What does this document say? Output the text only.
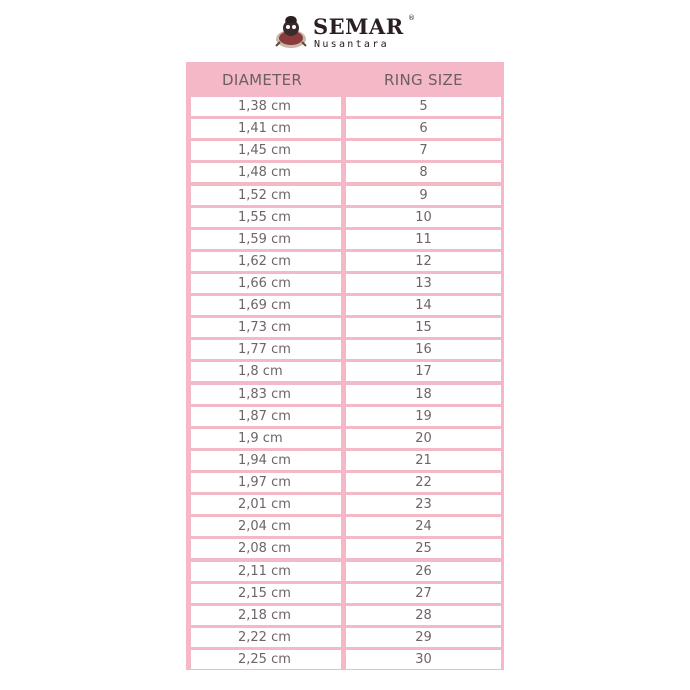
SEMAR ®
Nusantara
DIAMETER	RING SIZE
1,38 cm	5
1,41 cm	6
1,45 cm	7
1,48 cm	8
1,52 cm	9
1,55 cm	10
1,59 cm	11
1,62 cm	12
1,66 cm	13
1,69 cm	14
1,73 cm	15
1,77 cm	16
1,8 cm	17
1,83 cm	18
1,87 cm	19
1,9 cm	20
1,94 cm	21
1,97 cm	22
2,01 cm	23
2,04 cm	24
2,08 cm	25
2,11 cm	26
2,15 cm	27
2,18 cm	28
2,22 cm	29
2,25 cm	30
